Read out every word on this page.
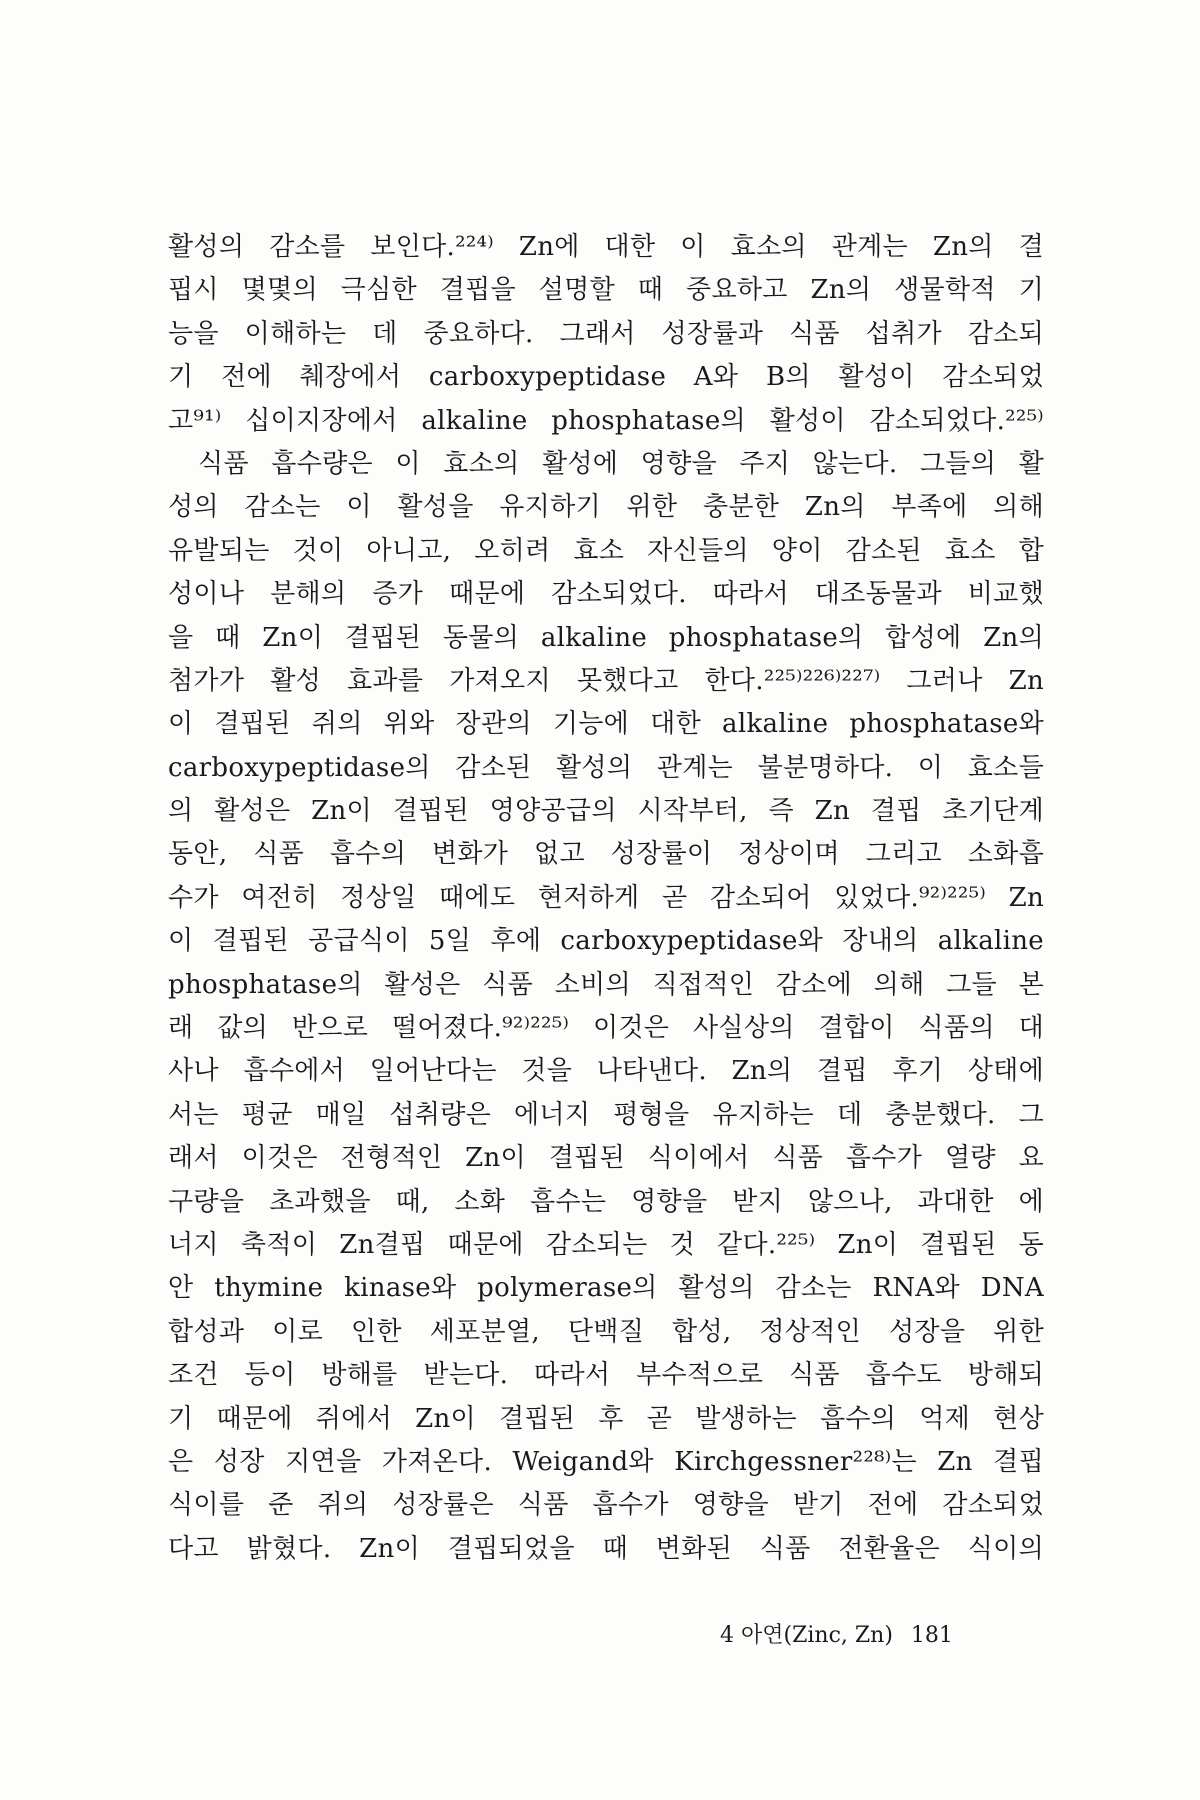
활성의 감소를 보인다.²²⁴⁾ Zn에 대한 이 효소의 관계는 Zn의 결
핍시 몇몇의 극심한 결핍을 설명할 때 중요하고 Zn의 생물학적 기
능을 이해하는 데 중요하다. 그래서 성장률과 식품 섭취가 감소되
기 전에 췌장에서 carboxypeptidase A와 B의 활성이 감소되었
고⁹¹⁾ 십이지장에서 alkaline phosphatase의 활성이 감소되었다.²²⁵⁾
식품 흡수량은 이 효소의 활성에 영향을 주지 않는다. 그들의 활
성의 감소는 이 활성을 유지하기 위한 충분한 Zn의 부족에 의해
유발되는 것이 아니고, 오히려 효소 자신들의 양이 감소된 효소 합
성이나 분해의 증가 때문에 감소되었다. 따라서 대조동물과 비교했
을 때 Zn이 결핍된 동물의 alkaline phosphatase의 합성에 Zn의
첨가가 활성 효과를 가져오지 못했다고 한다.²²⁵⁾²²⁶⁾²²⁷⁾ 그러나 Zn
이 결핍된 쥐의 위와 장관의 기능에 대한 alkaline phosphatase와
carboxypeptidase의 감소된 활성의 관계는 불분명하다. 이 효소들
의 활성은 Zn이 결핍된 영양공급의 시작부터, 즉 Zn 결핍 초기단계
동안, 식품 흡수의 변화가 없고 성장률이 정상이며 그리고 소화흡
수가 여전히 정상일 때에도 현저하게 곧 감소되어 있었다.⁹²⁾²²⁵⁾ Zn
이 결핍된 공급식이 5일 후에 carboxypeptidase와 장내의 alkaline
phosphatase의 활성은 식품 소비의 직접적인 감소에 의해 그들 본
래 값의 반으로 떨어졌다.⁹²⁾²²⁵⁾ 이것은 사실상의 결합이 식품의 대
사나 흡수에서 일어난다는 것을 나타낸다. Zn의 결핍 후기 상태에
서는 평균 매일 섭취량은 에너지 평형을 유지하는 데 충분했다. 그
래서 이것은 전형적인 Zn이 결핍된 식이에서 식품 흡수가 열량 요
구량을 초과했을 때, 소화 흡수는 영향을 받지 않으나, 과대한 에
너지 축적이 Zn결핍 때문에 감소되는 것 같다.²²⁵⁾ Zn이 결핍된 동
안 thymine kinase와 polymerase의 활성의 감소는 RNA와 DNA
합성과 이로 인한 세포분열, 단백질 합성, 정상적인 성장을 위한
조건 등이 방해를 받는다. 따라서 부수적으로 식품 흡수도 방해되
기 때문에 쥐에서 Zn이 결핍된 후 곧 발생하는 흡수의 억제 현상
은 성장 지연을 가져온다. Weigand와 Kirchgessner²²⁸⁾는 Zn 결핍
식이를 준 쥐의 성장률은 식품 흡수가 영향을 받기 전에 감소되었
다고 밝혔다. Zn이 결핍되었을 때 변화된 식품 전환율은 식이의
4 아연(Zinc, Zn) 181
